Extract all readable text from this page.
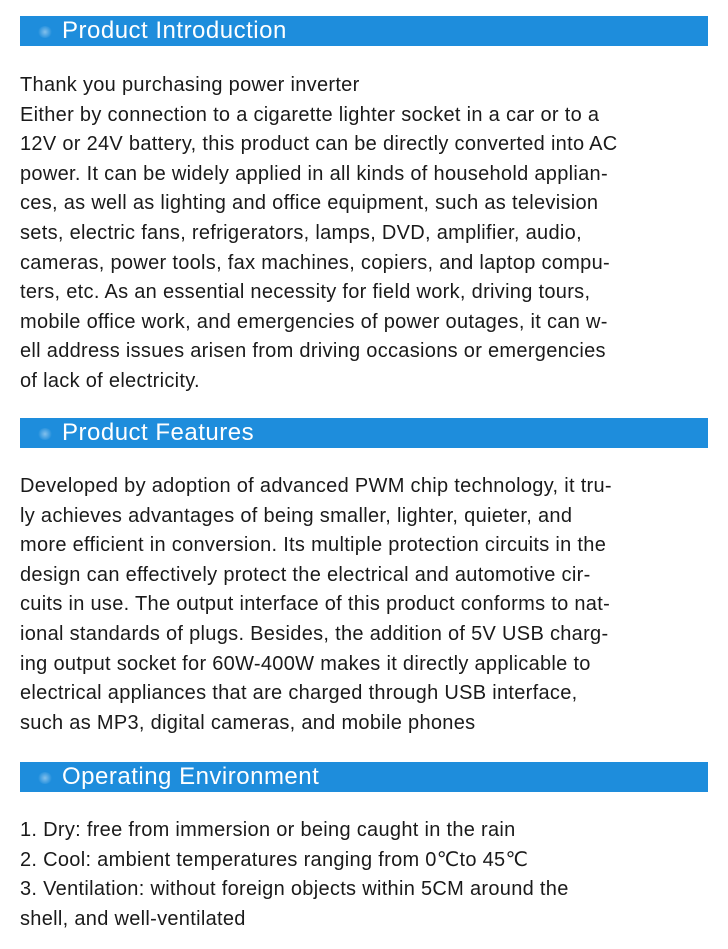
Product Introduction
Thank you purchasing power inverter
Either by connection to a cigarette lighter socket in a car or to a
12V or 24V battery, this product can be directly converted into AC
power. It can be widely applied in all kinds of household applian-
ces, as well as lighting and office equipment, such as television
sets, electric fans, refrigerators, lamps, DVD, amplifier, audio,
cameras, power tools, fax machines, copiers, and laptop compu-
ters, etc. As an essential necessity for field work, driving tours,
mobile office work, and emergencies of power outages, it can w-
ell address issues arisen from driving occasions or emergencies
of lack of electricity.
Product Features
Developed by adoption of advanced PWM chip technology, it tru-
ly achieves advantages of being smaller, lighter, quieter, and
more efficient in conversion. Its multiple protection circuits in the
design can effectively protect the electrical and automotive cir-
cuits in use. The output interface of this product conforms to nat-
ional standards of plugs. Besides, the addition of 5V USB charg-
ing output socket for 60W-400W makes it directly applicable to
electrical appliances that are charged through USB interface,
such as MP3, digital cameras, and mobile phones
Operating Environment
1. Dry: free from immersion or being caught in the rain
2. Cool: ambient temperatures ranging from 0℃to 45℃
3. Ventilation: without foreign objects within 5CM around the
shell, and well-ventilated
